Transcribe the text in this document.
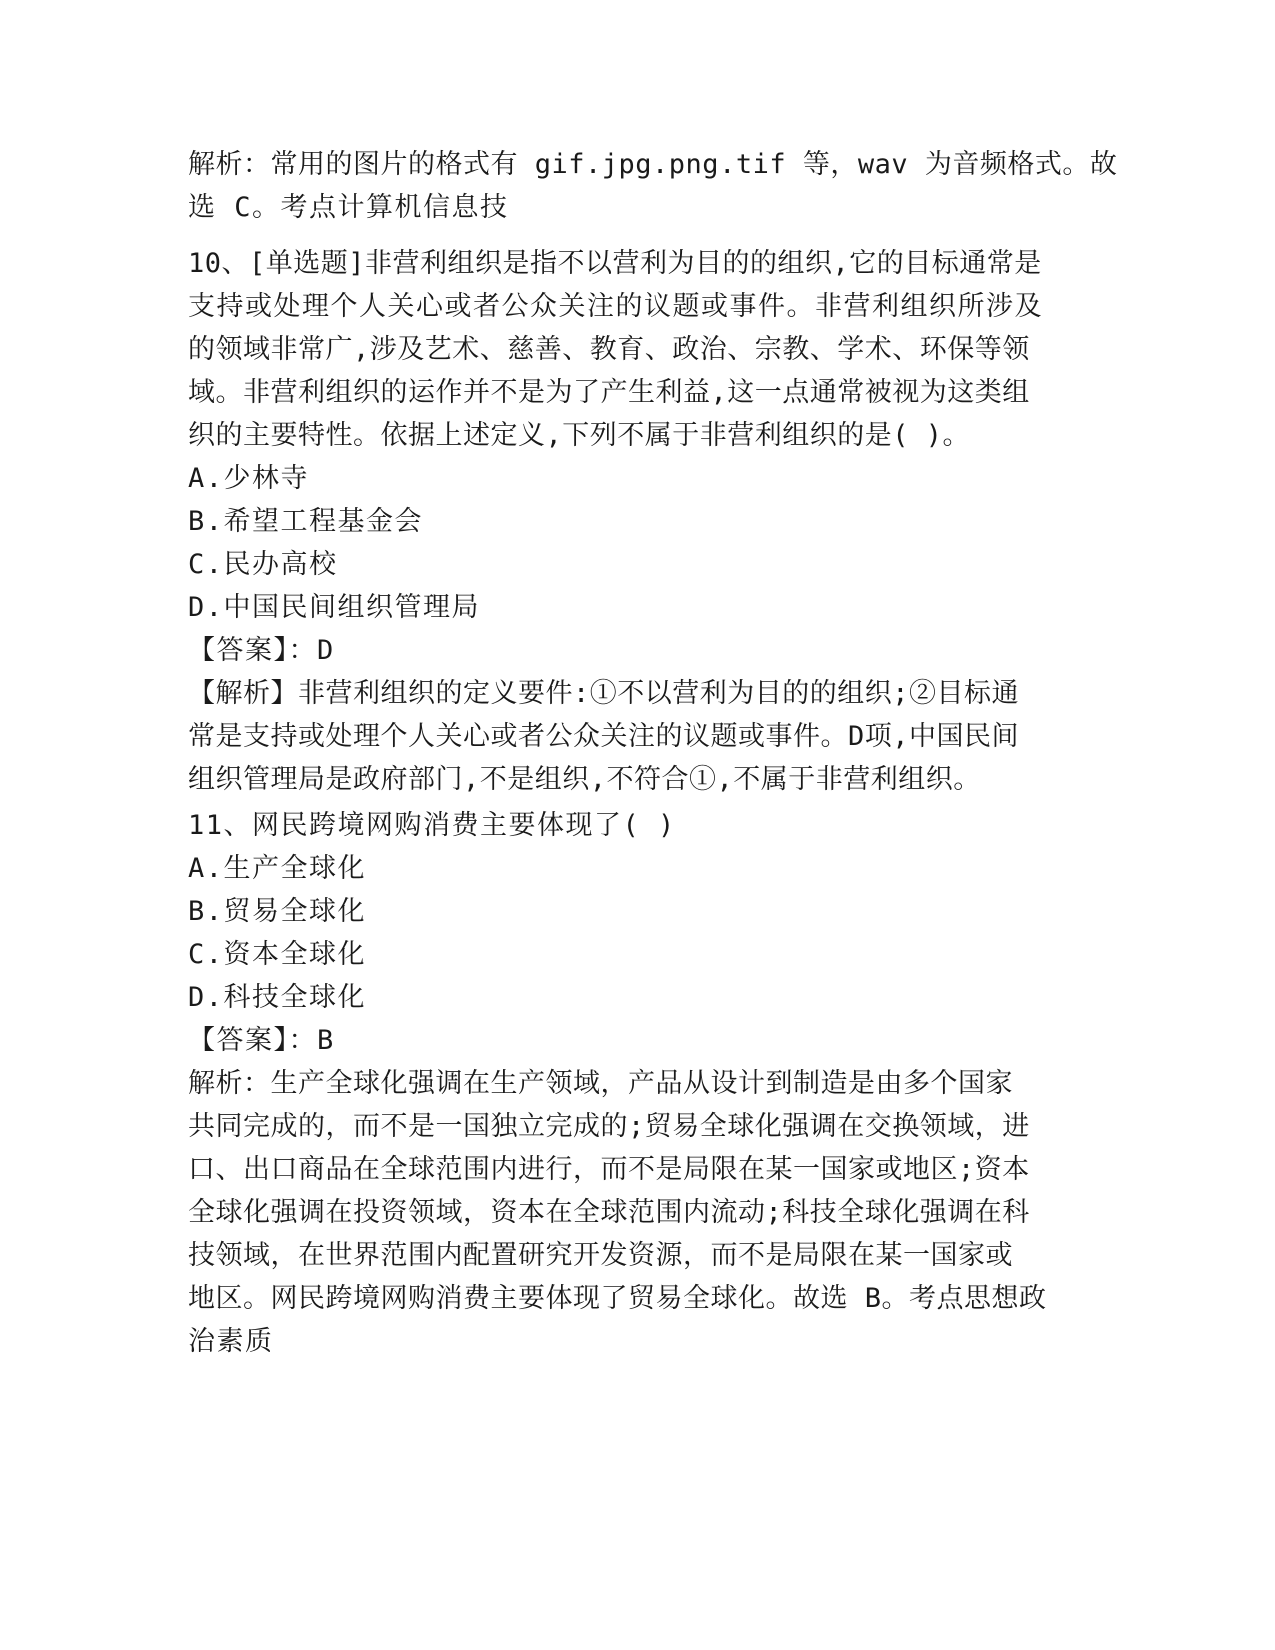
解析：常用的图片的格式有 gif.jpg.png.tif 等，wav 为音频格式。故
选 C。考点计算机信息技
10、[单选题]非营利组织是指不以营利为目的的组织,它的目标通常是
支持或处理个人关心或者公众关注的议题或事件。非营利组织所涉及
的领域非常广,涉及艺术、慈善、教育、政治、宗教、学术、环保等领
域。非营利组织的运作并不是为了产生利益,这一点通常被视为这类组
织的主要特性。依据上述定义,下列不属于非营利组织的是( )。
A.少林寺
B.希望工程基金会
C.民办高校
D.中国民间组织管理局
【答案】：D
【解析】非营利组织的定义要件:①不以营利为目的的组织;②目标通
常是支持或处理个人关心或者公众关注的议题或事件。D项,中国民间
组织管理局是政府部门,不是组织,不符合①,不属于非营利组织。
11、网民跨境网购消费主要体现了( )
A.生产全球化
B.贸易全球化
C.资本全球化
D.科技全球化
【答案】：B
解析：生产全球化强调在生产领域，产品从设计到制造是由多个国家
共同完成的，而不是一国独立完成的;贸易全球化强调在交换领域，进
口、出口商品在全球范围内进行，而不是局限在某一国家或地区;资本
全球化强调在投资领域，资本在全球范围内流动;科技全球化强调在科
技领域，在世界范围内配置研究开发资源，而不是局限在某一国家或
地区。网民跨境网购消费主要体现了贸易全球化。故选 B。考点思想政
治素质
